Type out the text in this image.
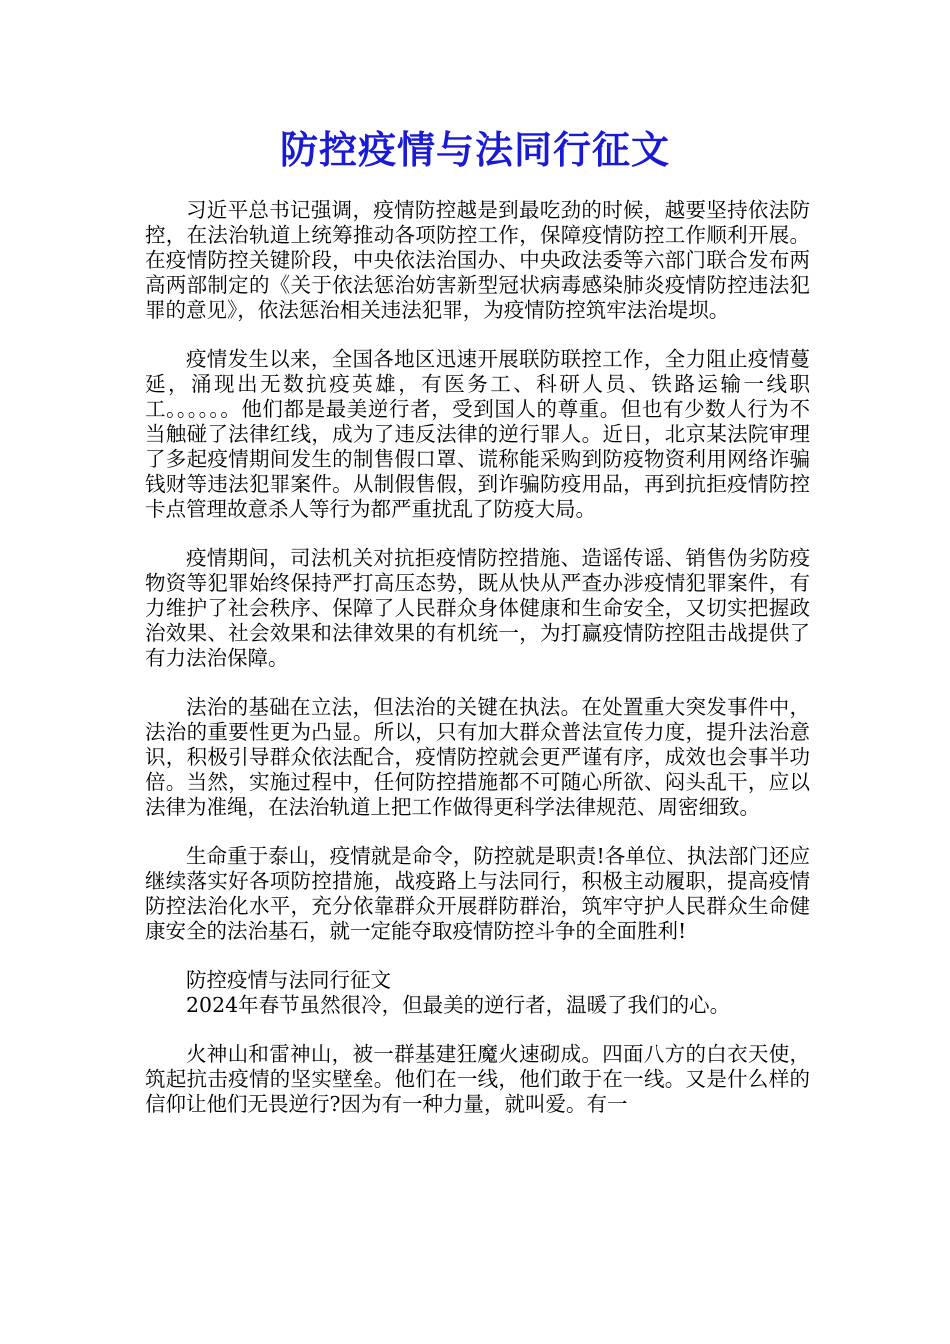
防控疫情与法同行征文

习近平总书记强调，疫情防控越是到最吃劲的时候，越要坚持依法防控，在法治轨道上统筹推动各项防控工作，保障疫情防控工作顺利开展。在疫情防控关键阶段，中央依法治国办、中央政法委等六部门联合发布两高两部制定的《关于依法惩治妨害新型冠状病毒感染肺炎疫情防控违法犯罪的意见》，依法惩治相关违法犯罪，为疫情防控筑牢法治堤坝。

疫情发生以来，全国各地区迅速开展联防联控工作，全力阻止疫情蔓延，涌现出无数抗疫英雄，有医务工、科研人员、铁路运输一线职工。。。。。。他们都是最美逆行者，受到国人的尊重。但也有少数人行为不当触碰了法律红线，成为了违反法律的逆行罪人。近日，北京某法院审理了多起疫情期间发生的制售假口罩、谎称能采购到防疫物资利用网络诈骗钱财等违法犯罪案件。从制假售假，到诈骗防疫用品，再到抗拒疫情防控卡点管理故意杀人等行为都严重扰乱了防疫大局。

疫情期间，司法机关对抗拒疫情防控措施、造谣传谣、销售伪劣防疫物资等犯罪始终保持严打高压态势，既从快从严查办涉疫情犯罪案件，有力维护了社会秩序、保障了人民群众身体健康和生命安全，又切实把握政治效果、社会效果和法律效果的有机统一，为打赢疫情防控阻击战提供了有力法治保障。

法治的基础在立法，但法治的关键在执法。在处置重大突发事件中，法治的重要性更为凸显。所以，只有加大群众普法宣传力度，提升法治意识，积极引导群众依法配合，疫情防控就会更严谨有序，成效也会事半功倍。当然，实施过程中，任何防控措施都不可随心所欲、闷头乱干，应以法律为准绳，在法治轨道上把工作做得更科学法律规范、周密细致。

生命重于泰山，疫情就是命令，防控就是职责!各单位、执法部门还应继续落实好各项防控措施，战疫路上与法同行，积极主动履职，提高疫情防控法治化水平，充分依靠群众开展群防群治，筑牢守护人民群众生命健康安全的法治基石，就一定能夺取疫情防控斗争的全面胜利!

防控疫情与法同行征文

2024年春节虽然很冷，但最美的逆行者，温暖了我们的心。

火神山和雷神山，被一群基建狂魔火速砌成。四面八方的白衣天使，筑起抗击疫情的坚实壁垒。他们在一线，他们敢于在一线。又是什么样的信仰让他们无畏逆行?因为有一种力量，就叫爱。有一
